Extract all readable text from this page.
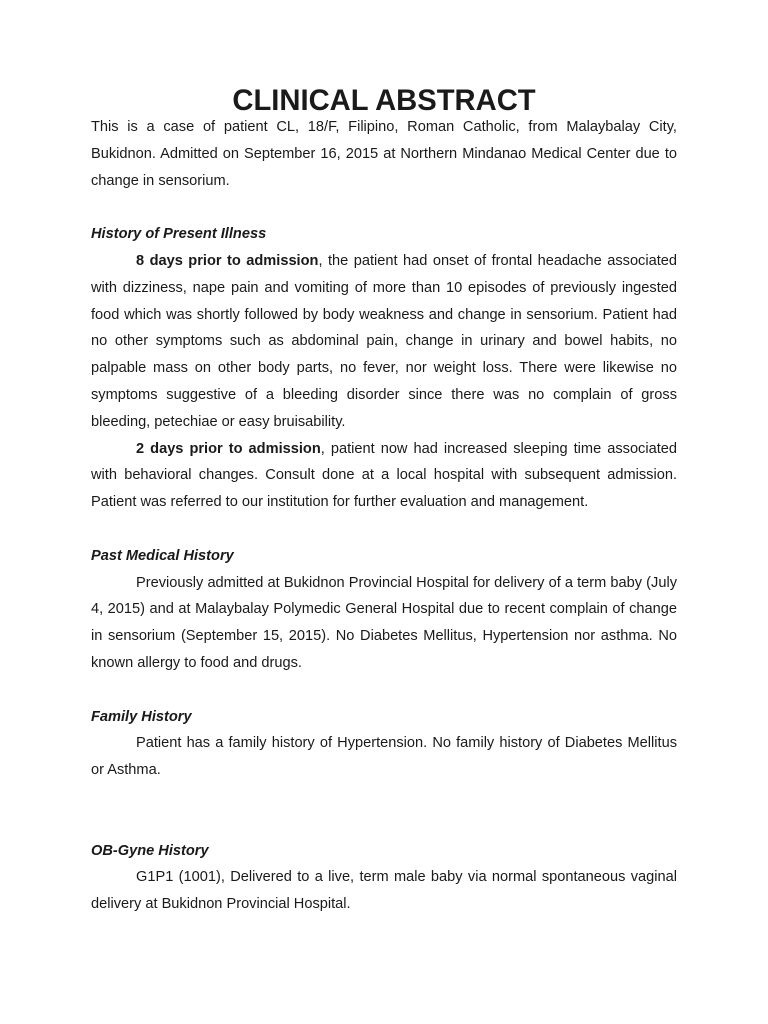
CLINICAL ABSTRACT

This is a case of patient CL, 18/F, Filipino, Roman Catholic, from Malaybalay City, Bukidnon. Admitted on September 16, 2015 at Northern Mindanao Medical Center due to change in sensorium.

History of Present Illness

8 days prior to admission, the patient had onset of frontal headache associated with dizziness, nape pain and vomiting of more than 10 episodes of previously ingested food which was shortly followed by body weakness and change in sensorium. Patient had no other symptoms such as abdominal pain, change in urinary and bowel habits, no palpable mass on other body parts, no fever, nor weight loss. There were likewise no symptoms suggestive of a bleeding disorder since there was no complain of gross bleeding, petechiae or easy bruisability.

2 days prior to admission, patient now had increased sleeping time associated with behavioral changes. Consult done at a local hospital with subsequent admission. Patient was referred to our institution for further evaluation and management.

Past Medical History

Previously admitted at Bukidnon Provincial Hospital for delivery of a term baby (July 4, 2015) and at Malaybalay Polymedic General Hospital due to recent complain of change in sensorium (September 15, 2015). No Diabetes Mellitus, Hypertension nor asthma. No known allergy to food and drugs.

Family History

Patient has a family history of Hypertension. No family history of Diabetes Mellitus or Asthma.

OB-Gyne History

G1P1 (1001), Delivered to a live, term male baby via normal spontaneous vaginal delivery at Bukidnon Provincial Hospital.
